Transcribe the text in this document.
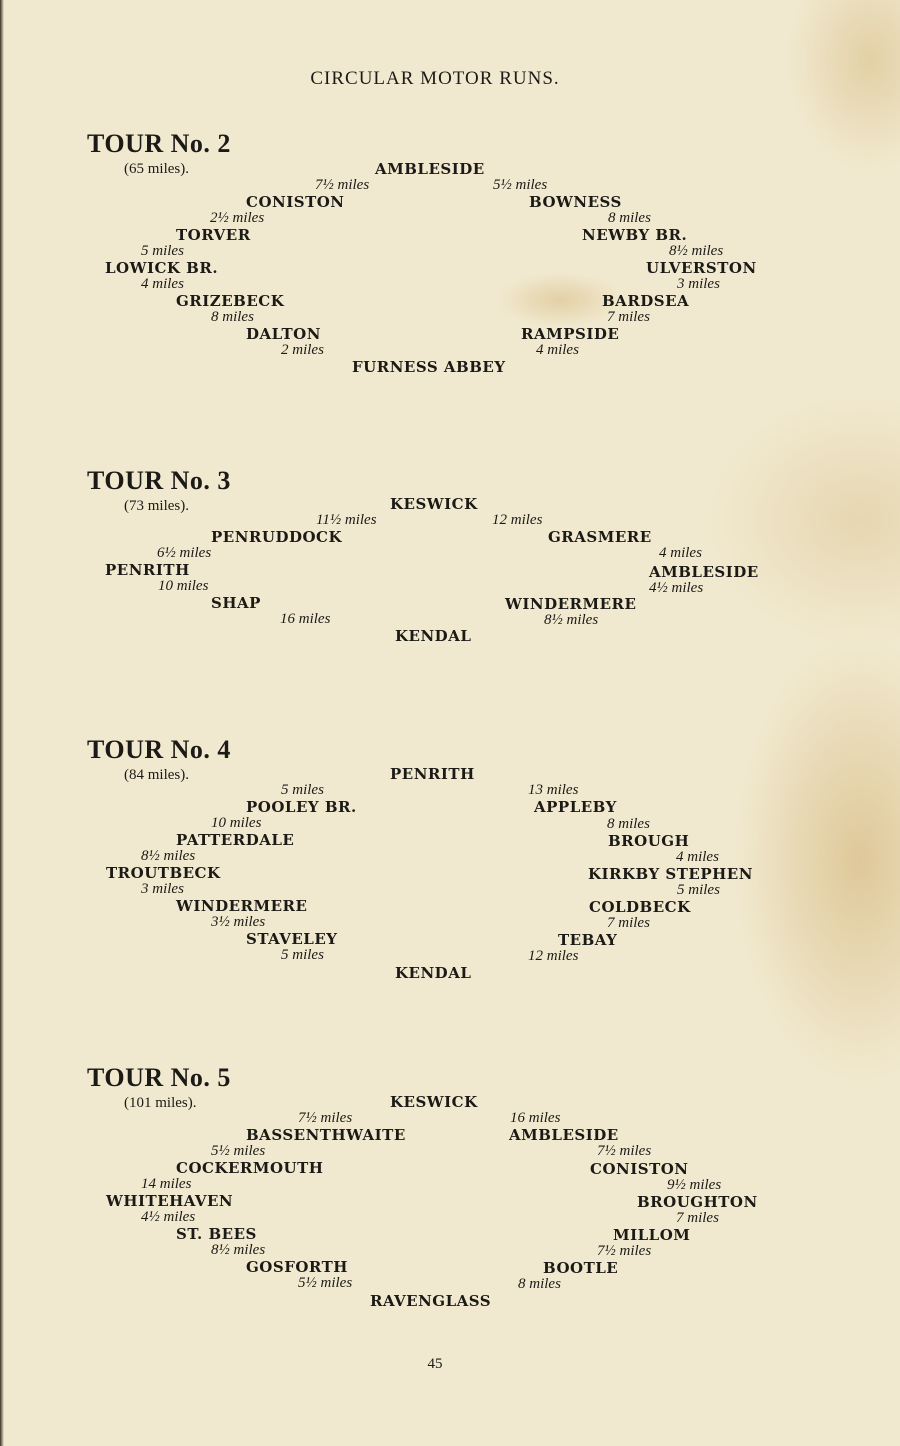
CIRCULAR MOTOR RUNS.
TOUR No. 2
(65 miles).	AMBLESIDE
7½ miles	5½ miles
CONISTON	BOWNESS
2½ miles	8 miles
TORVER	NEWBY BR.
5 miles	8½ miles
LOWICK BR.	ULVERSTON
4 miles	3 miles
GRIZEBECK	BARDSEA
8 miles	7 miles
DALTON	RAMPSIDE
2 miles	4 miles
FURNESS ABBEY
TOUR No. 3
(73 miles).	KESWICK
11½ miles	12 miles
PENRUDDOCK	GRASMERE
6½ miles	4 miles
PENRITH	AMBLESIDE
10 miles	4½ miles
SHAP	WINDERMERE
16 miles	8½ miles
KENDAL
TOUR No. 4
(84 miles).	PENRITH
5 miles	13 miles
POOLEY BR.	APPLEBY
10 miles	8 miles
PATTERDALE	BROUGH
8½ miles	4 miles
TROUTBECK	KIRKBY STEPHEN
3 miles	5 miles
WINDERMERE	COLDBECK
3½ miles	7 miles
STAVELEY	TEBAY
5 miles	12 miles
KENDAL
TOUR No. 5
(101 miles).	KESWICK
7½ miles	16 miles
BASSENTHWAITE	AMBLESIDE
5½ miles	7½ miles
COCKERMOUTH	CONISTON
14 miles	9½ miles
WHITEHAVEN	BROUGHTON
4½ miles	7 miles
ST. BEES	MILLOM
8½ miles	7½ miles
GOSFORTH	BOOTLE
5½ miles	8 miles
RAVENGLASS
45
